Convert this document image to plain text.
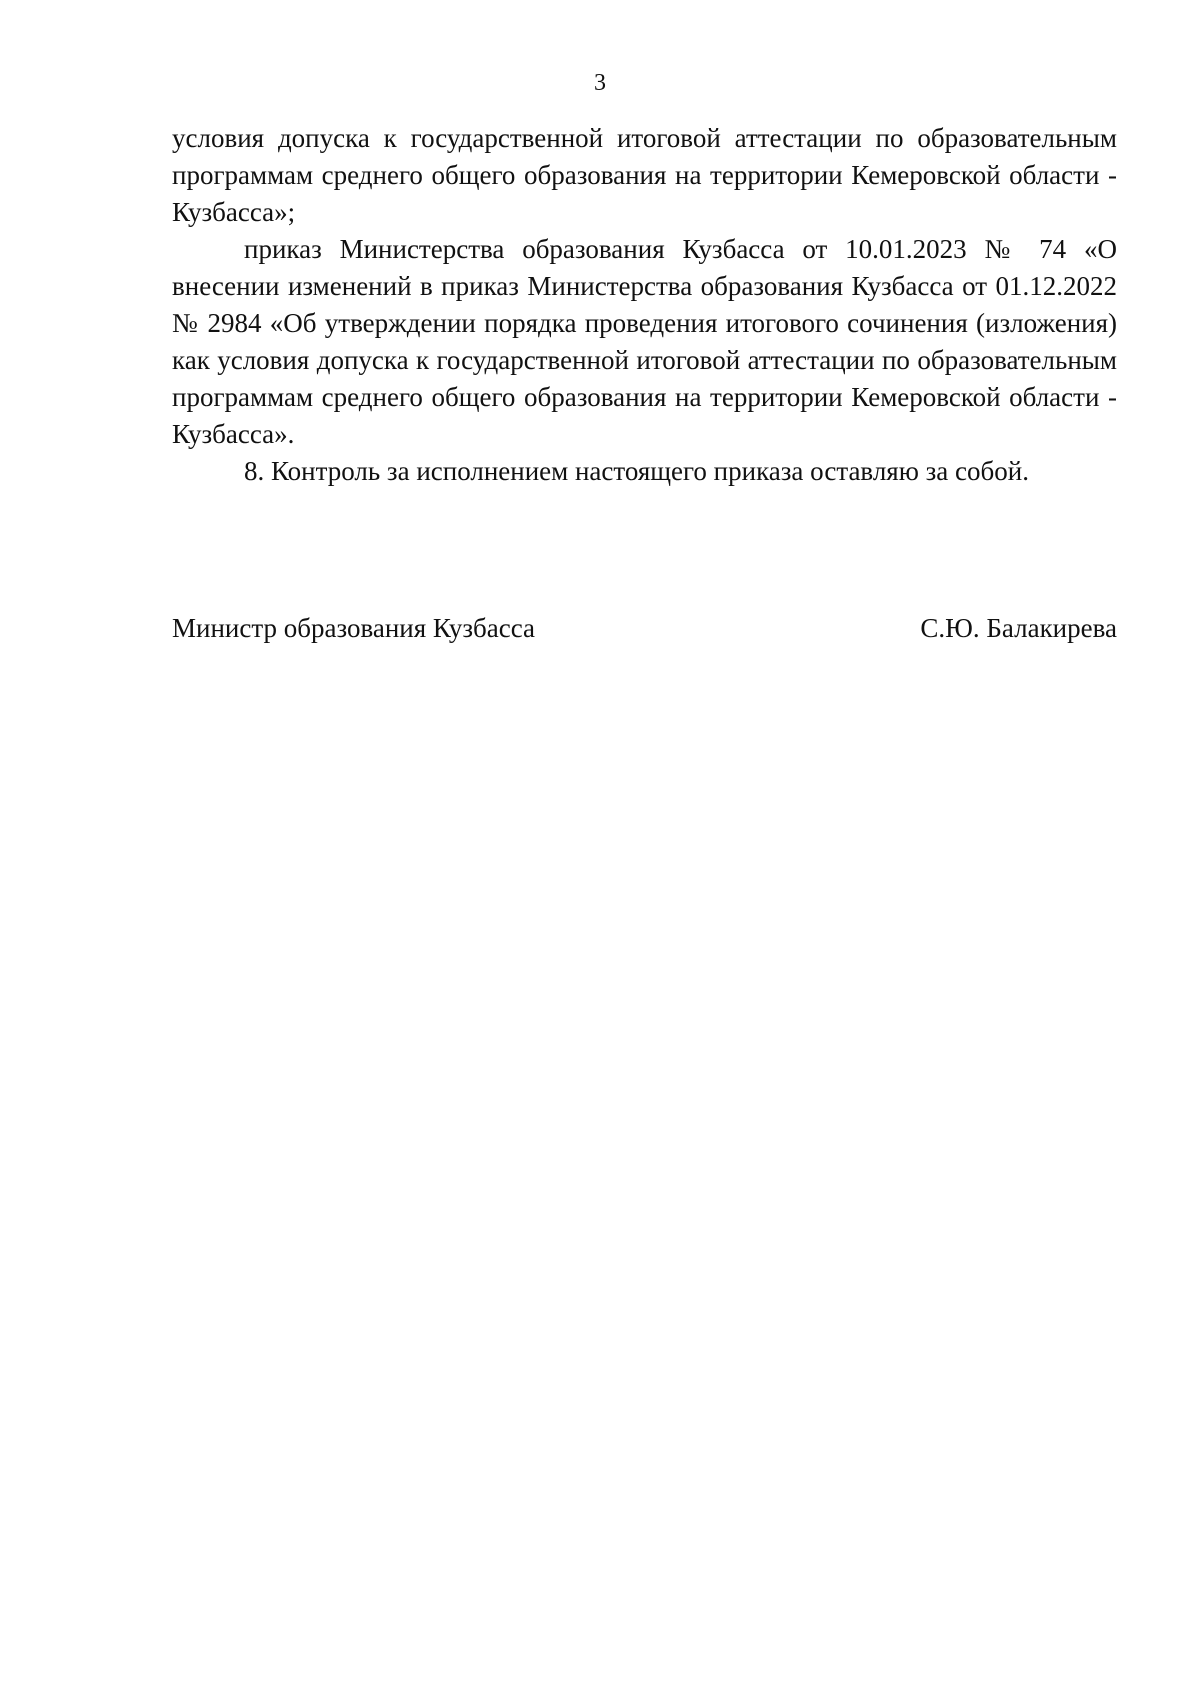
3

условия допуска к государственной итоговой аттестации по образовательным программам среднего общего образования на территории Кемеровской области - Кузбасса»;

приказ Министерства образования Кузбасса от 10.01.2023 № 74 «О внесении изменений в приказ Министерства образования Кузбасса от 01.12.2022 № 2984 «Об утверждении порядка проведения итогового сочинения (изложения) как условия допуска к государственной итоговой аттестации по образовательным программам среднего общего образования на территории Кемеровской области - Кузбасса».

8. Контроль за исполнением настоящего приказа оставляю за собой.

Министр образования Кузбасса	С.Ю. Балакирева
